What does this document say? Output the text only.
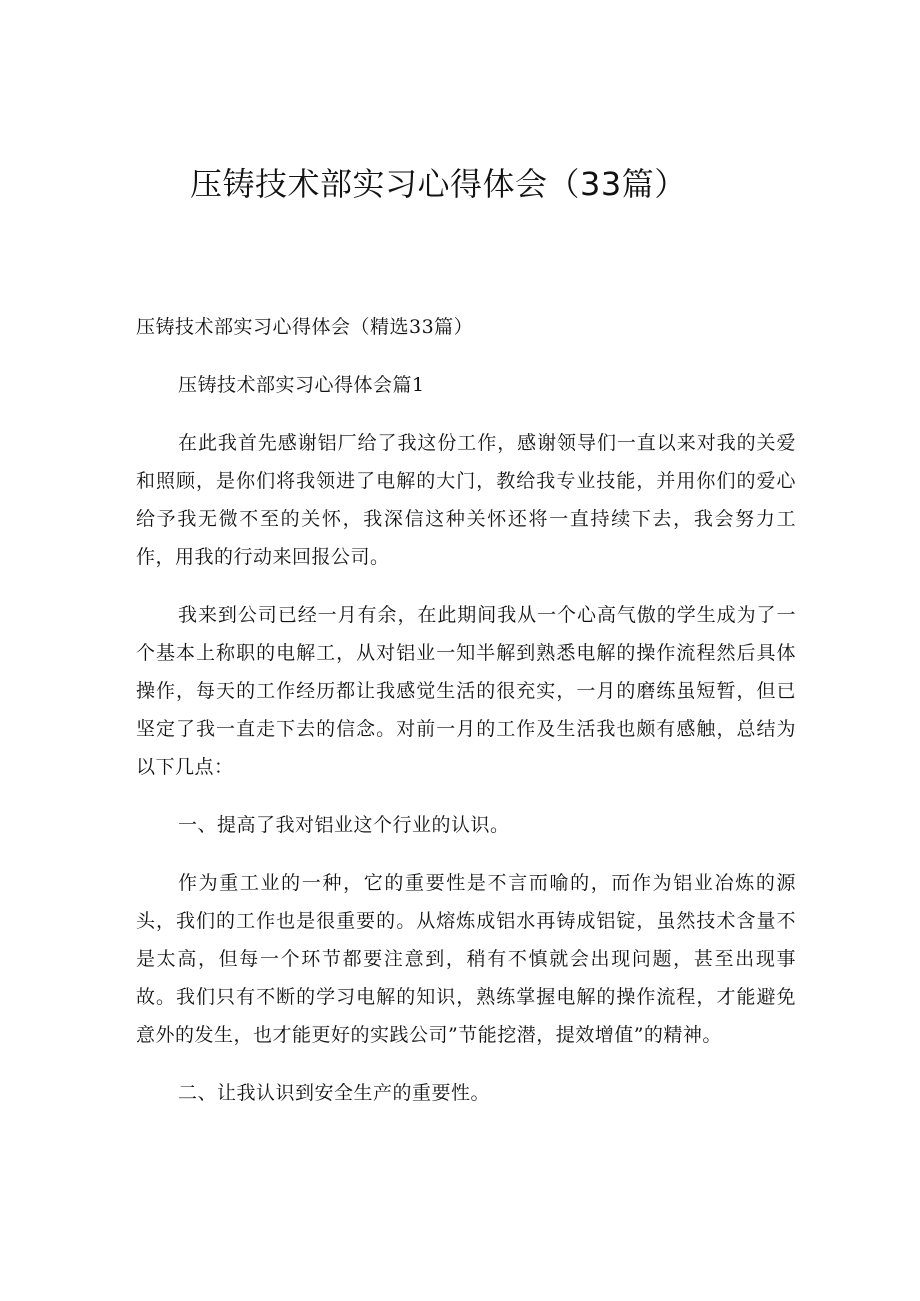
压铸技术部实习心得体会（33篇）

压铸技术部实习心得体会（精选33篇）

压铸技术部实习心得体会篇1

在此我首先感谢铝厂给了我这份工作，感谢领导们一直以来对我的关爱和照顾，是你们将我领进了电解的大门，教给我专业技能，并用你们的爱心给予我无微不至的关怀，我深信这种关怀还将一直持续下去，我会努力工作，用我的行动来回报公司。

我来到公司已经一月有余，在此期间我从一个心高气傲的学生成为了一个基本上称职的电解工，从对铝业一知半解到熟悉电解的操作流程然后具体操作，每天的工作经历都让我感觉生活的很充实，一月的磨练虽短暂，但已坚定了我一直走下去的信念。对前一月的工作及生活我也颇有感触，总结为以下几点：

一、提高了我对铝业这个行业的认识。

作为重工业的一种，它的重要性是不言而喻的，而作为铝业冶炼的源头，我们的工作也是很重要的。从熔炼成铝水再铸成铝锭，虽然技术含量不是太高，但每一个环节都要注意到，稍有不慎就会出现问题，甚至出现事故。我们只有不断的学习电解的知识，熟练掌握电解的操作流程，才能避免意外的发生，也才能更好的实践公司”节能挖潜，提效增值”的精神。

二、让我认识到安全生产的重要性。
